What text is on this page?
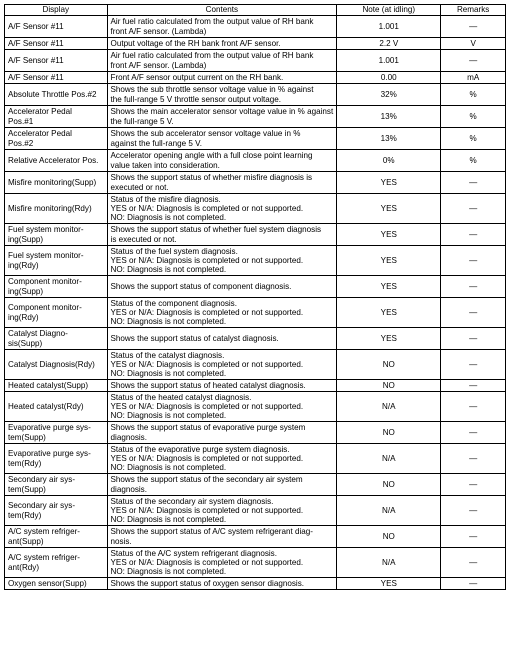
Display	Contents	Note (at idling)	Remarks

A/F Sensor #11	Air fuel ratio calculated from the output value of RH bank
front A/F sensor. (Lambda)	1.001	—

A/F Sensor #11	Output voltage of the RH bank front A/F sensor.	2.2 V	V

A/F Sensor #11	Air fuel ratio calculated from the output value of RH bank
front A/F sensor. (Lambda)	1.001	—

A/F Sensor #11	Front A/F sensor output current on the RH bank.	0.00	mA

Absolute Throttle Pos.#2	Shows the sub throttle sensor voltage value in % against
the full-range 5 V throttle sensor output voltage.	32%	%

Accelerator Pedal
Pos.#1	Shows the main accelerator sensor voltage value in % against
the full-range 5 V.	13%	%

Accelerator Pedal
Pos.#2	Shows the sub accelerator sensor voltage value in %
against the full-range 5 V.	13%	%

Relative Accelerator Pos.	Accelerator opening angle with a full close point learning
value taken into consideration.	0%	%

Misfire monitoring(Supp)	Shows the support status of whether misfire diagnosis is
executed or not.	YES	—

Misfire monitoring(Rdy)	Status of the misfire diagnosis.
YES or N/A: Diagnosis is completed or not supported.
NO: Diagnosis is not completed.	YES	—

Fuel system monitor-
ing(Supp)	Shows the support status of whether fuel system diagnosis
is executed or not.	YES	—

Fuel system monitor-
ing(Rdy)	Status of the fuel system diagnosis.
YES or N/A: Diagnosis is completed or not supported.
NO: Diagnosis is not completed.	YES	—

Component monitor-
ing(Supp)	Shows the support status of component diagnosis.	YES	—

Component monitor-
ing(Rdy)	Status of the component diagnosis.
YES or N/A: Diagnosis is completed or not supported.
NO: Diagnosis is not completed.	YES	—

Catalyst Diagno-
sis(Supp)	Shows the support status of catalyst diagnosis.	YES	—

Catalyst Diagnosis(Rdy)	Status of the catalyst diagnosis.
YES or N/A: Diagnosis is completed or not supported.
NO: Diagnosis is not completed.	NO	—

Heated catalyst(Supp)	Shows the support status of heated catalyst diagnosis.	NO	—

Heated catalyst(Rdy)	Status of the heated catalyst diagnosis.
YES or N/A: Diagnosis is completed or not supported.
NO: Diagnosis is not completed.	N/A	—

Evaporative purge sys-
tem(Supp)	Shows the support status of evaporative purge system
diagnosis.	NO	—

Evaporative purge sys-
tem(Rdy)	Status of the evaporative purge system diagnosis.
YES or N/A: Diagnosis is completed or not supported.
NO: Diagnosis is not completed.	N/A	—

Secondary air sys-
tem(Supp)	Shows the support status of the secondary air system
diagnosis.	NO	—

Secondary air sys-
tem(Rdy)	Status of the secondary air system diagnosis.
YES or N/A: Diagnosis is completed or not supported.
NO: Diagnosis is not completed.	N/A	—

A/C system refriger-
ant(Supp)	Shows the support status of A/C system refrigerant diag-
nosis.	NO	—

A/C system refriger-
ant(Rdy)	Status of the A/C system refrigerant diagnosis.
YES or N/A: Diagnosis is completed or not supported.
NO: Diagnosis is not completed.	N/A	—

Oxygen sensor(Supp)	Shows the support status of oxygen sensor diagnosis.	YES	—
